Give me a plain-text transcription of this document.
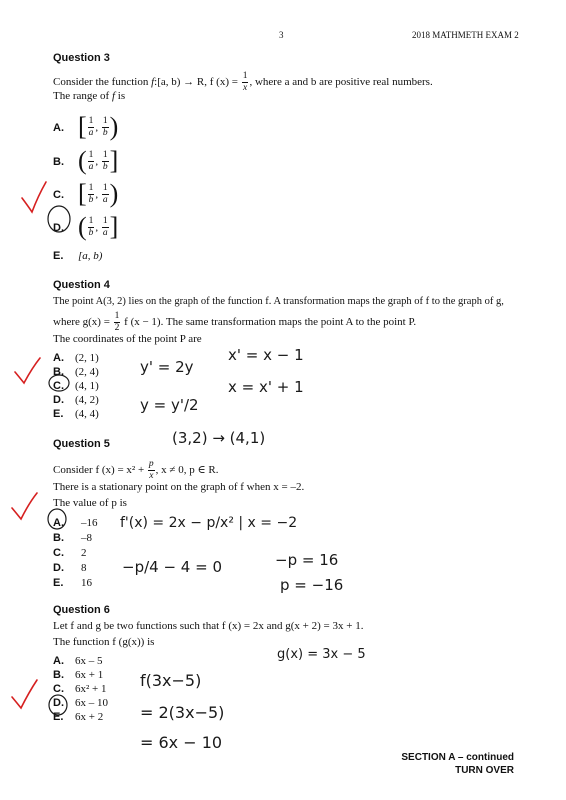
3	2018 MATHMETH EXAM 2
Question 3
Consider the function f:[a, b) → R, f $(x) = \frac{1}{x}$ , where a and b are positive real numbers.
The range of f is
A. [ $\frac{1}{a}$ , $\frac{1}{b}$ )
B. ( $\frac{1}{a}$ , $\frac{1}{b}$ ]
C. [ $\frac{1}{b}$ , $\frac{1}{a}$ )
D. ( $\frac{1}{b}$ , $\frac{1}{a}$ ]
E. [a, b)
Question 4
The point A(3, 2) lies on the graph of the function f. A transformation maps the graph of f to the graph of g,
where $g(x) = \frac{1}{2}$ f (x − 1). The same transformation maps the point A to the point P.
The coordinates of the point P are
A. (2, 1)
B. (2, 4)
C. (4, 1)
D. (4, 2)
E. (4, 4)
Question 5
Consider f $(x) = x^2 + \frac{p}{x}$ , x ≠ 0, p ∈ R.
There is a stationary point on the graph of f when x = –2.
The value of p is
A. –16
B. –8
C. 2
D. 8
E. 16
Question 6
Let f and g be two functions such that f (x) = 2x and g(x + 2) = 3x + 1.
The function f (g(x)) is
A. 6x – 5
B. 6x + 1
C. 6x² + 1
D. 6x – 10
E. 6x + 2
SECTION A – continued
TURN OVER
y' = 2y
x' = x − 1
y = y'/2
x = x' + 1
(3,2) → (4,1)
f'(x) = 2x − p/x² | x = −2
−p/4 − 4 = 0	−p = 16
p = −16
g(x) = 3x − 5
f(3x−5)
= 2(3x−5)
= 6x − 10
